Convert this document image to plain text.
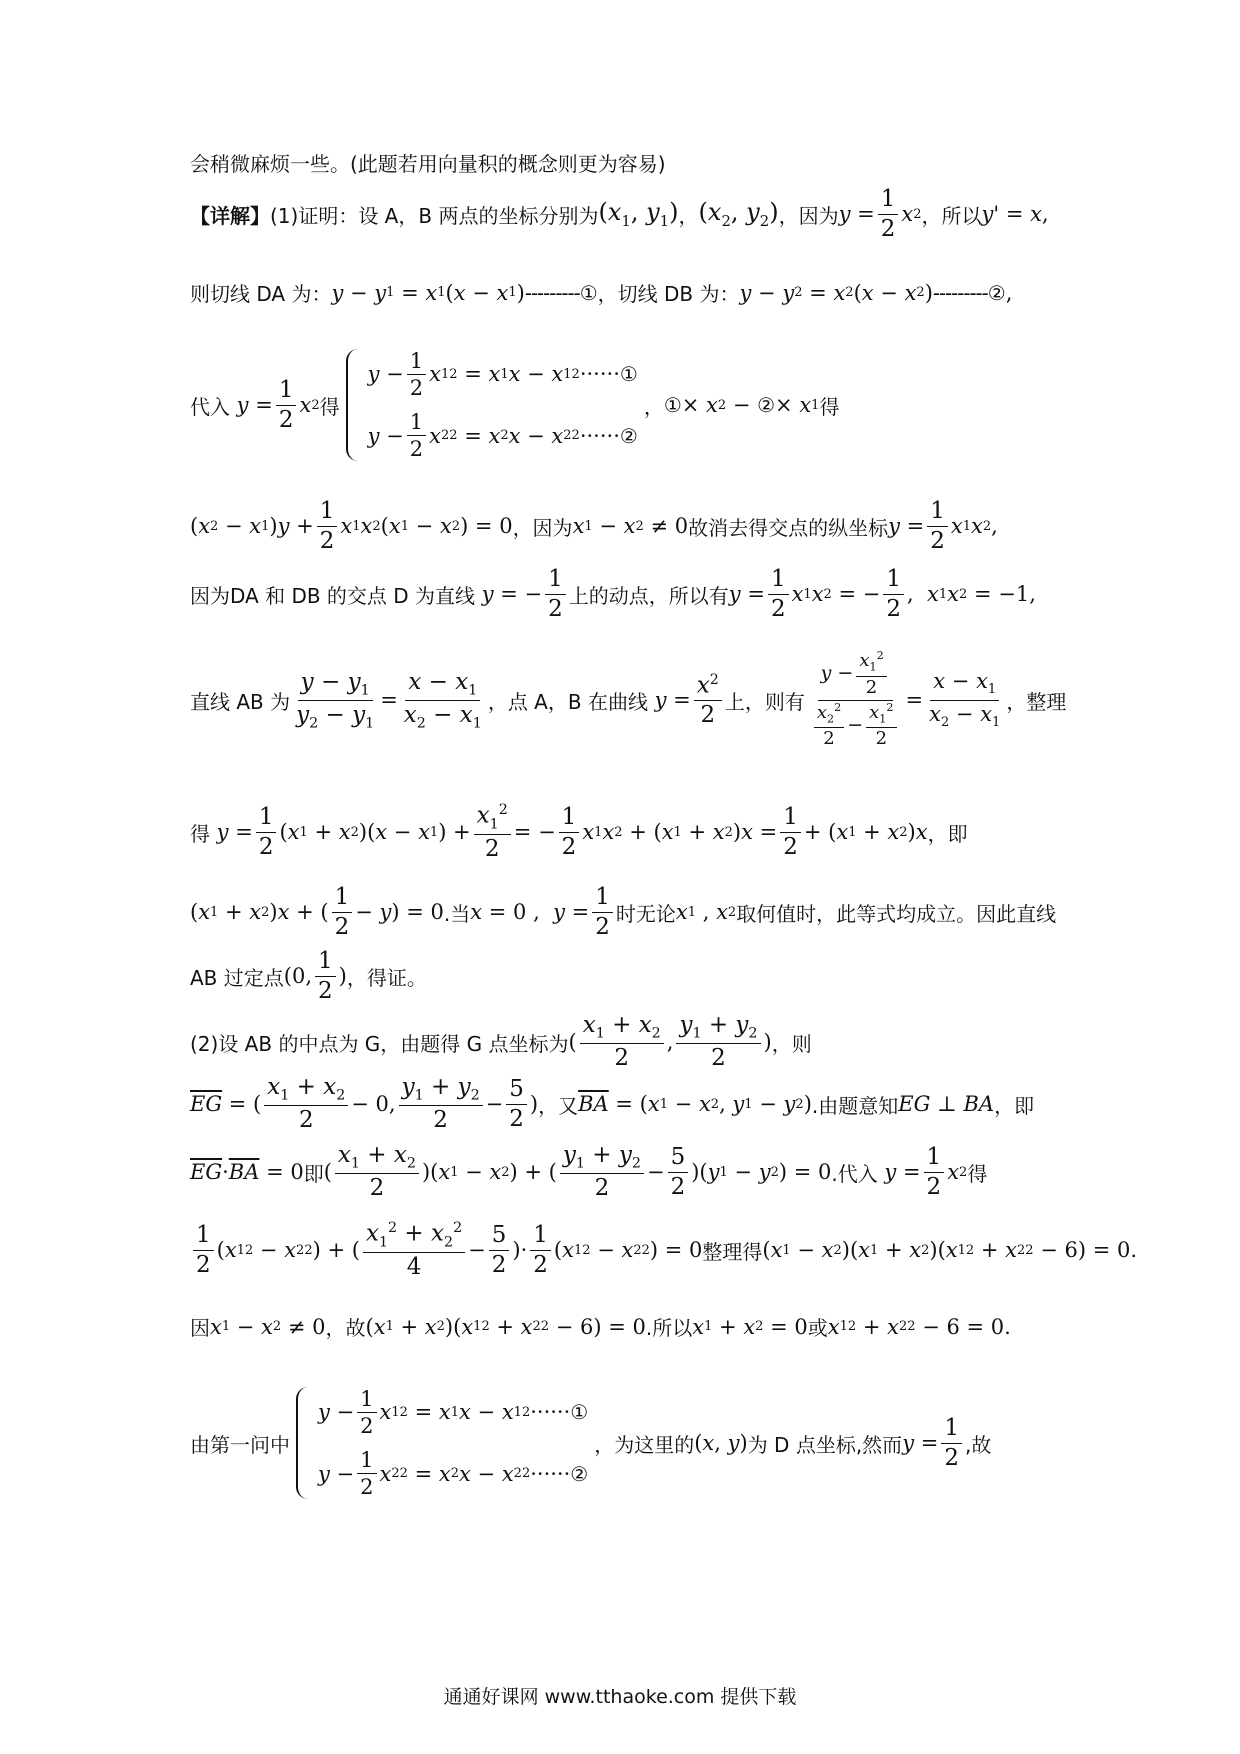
会稍微麻烦一些。(此题若用向量积的概念则更为容易)
【详解】 (1)证明：设 A，B 两点的坐标分别为 ($x_1$, $y_1$) ， ($x_2$, $y_2$) ，因为 $y = \frac{1}{2}$ x 2 ，所以 y ' = x ,
则切线 DA 为： y − y 1 = x 1 ( x − x 1 ) --------- ① ，切线 DB 为： y − y 2 = x 2 ( x − x 2 ) --------- ② ,
代入 $y = \frac{1}{2}$ x 2 得
$y - \frac{1}{2}$ x 1 2 = x 1 x − x 1 2 ······ ①
$y - \frac{1}{2}$ x 2 2 = x 2 x − x 2 2 ······ ②
， ① × x 2 − ② × x 1 得
( x 2 − x 1 ) $y + \frac{1}{2}$ x 1 x 2 ( x 1 − x 2 ) = 0 ，因为 x 1 − x 2 ≠ 0 故消去得交点的纵坐标 $y = \frac{1}{2}$ x 1 x 2 ,
因为DA 和 DB 的交点 D 为直线 y = − $\frac{1}{2}$ 上的动点，所以有 $y = \frac{1}{2}$ x 1 x 2 = − $\frac{1}{2}$ , x 1 x 2 = −1,
直线 AB 为 $\frac{y - y_1}{y_2 - y_1} = \frac{x - x_1}{x_2 - x_1}$ ，点 A，B 在曲线 $y = \frac{x^2}{2}$ 上，则有 $\frac{y - \frac{x_1^2}{2}}{\frac{x_2^2}{2} - \frac{x_1^2}{2}} = \frac{x - x_1}{x_2 - x_1}$ ，整理
得 $y = \frac{1}{2}$ ( x 1 + x 2 )( x − x 1 ) + $\frac{x_1^2}{2}$ = − $\frac{1}{2}$ x 1 x 2 + ( x 1 + x 2 ) $x = \frac{1}{2}$ + ( x 1 + x 2 ) x ，即
( x 1 + x 2 ) x + ( $\frac{1}{2} - y$ ) = 0 .当 x = 0 , $y = \frac{1}{2}$ 时无论 x 1 , x 2 取何值时，此等式均成立。因此直线
AB 过定点 (0, $\frac{1}{2}$ ) ，得证。
(2)设 AB 的中点为 G，由题得 G 点坐标为 ( $\frac{x_1 + x_2}{2}$ , $\frac{y_1 + y_2}{2}$ ) ，则
$\overline{EG}$ = ( $\frac{x_1 + x_2}{2} - 0$, $\frac{y_1 + y_2}{2} - \frac{5}{2}$ ) ，又 $\overline{BA}$ = ( x 1 − x 2 , y 1 − y 2 ) .由题意知 EG ⊥ BA ，即
$\overline{EG} \cdot \overline{BA} = 0$ 即 ( $\frac{x_1 + x_2}{2}$ )( x 1 − x 2 ) + ( $\frac{y_1 + y_2}{2} - \frac{5}{2}$ )( y 1 − y 2 ) = 0 .代入 $y = \frac{1}{2}$ x 2 得
$\frac{1}{2}$ ( x 1 2 − x 2 2 ) + ( $\frac{x_1^2 + x_2^2}{4} - \frac{5}{2}$ )· $\frac{1}{2}$ ( x 1 2 − x 2 2 ) = 0 整理得 ( x 1 − x 2 )( x 1 + x 2 )( x 1 2 + x 2 2 − 6) = 0.
因 x 1 − x 2 ≠ 0 ，故 ( x 1 + x 2 )( x 1 2 + x 2 2 − 6) = 0 .所以 x 1 + x 2 = 0 或 x 1 2 + x 2 2 − 6 = 0.
由第一问中
$y - \frac{1}{2}$ x 1 2 = x 1 x − x 1 2 ······ ①
$y - \frac{1}{2}$ x 2 2 = x 2 x − x 2 2 ······ ②
，为这里的 ( x , y ) 为 D 点坐标,然而 $y = \frac{1}{2}$ ,故
通通好课网 www.tthaoke.com 提供下载
